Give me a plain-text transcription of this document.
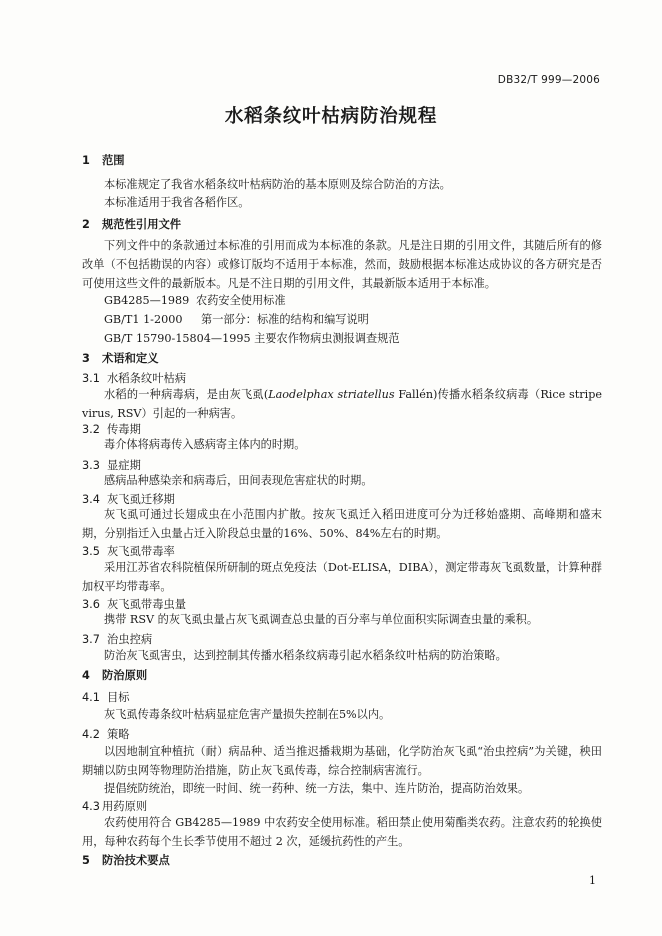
DB32/T 999—2006
水稻条纹叶枯病防治规程
1 范围

本标准规定了我省水稻条纹叶枯病防治的基本原则及综合防治的方法。

本标准适用于我省各稻作区。

2 规范性引用文件

下列文件中的条款通过本标准的引用而成为本标准的条款。凡是注日期的引用文件，其随后所有的修改单（不包括勘误的内容）或修订版均不适用于本标准，然而，鼓励根据本标准达成协议的各方研究是否可使用这些文件的最新版本。凡是不注日期的引用文件，其最新版本适用于本标准。

GB4285—1989 农药安全使用标准
GB/T1 1-2000 第一部分：标准的结构和编写说明
GB/T 15790-15804—1995 主要农作物病虫测报调查规范
3 术语和定义
3.1 水稻条纹叶枯病

水稻的一种病毒病，是由灰飞虱(Laodelphax striatellus Fallén)传播水稻条纹病毒（Rice stripe virus, RSV）引起的一种病害。

3.2 传毒期

毒介体将病毒传入感病寄主体内的时期。

3.3 显症期

感病品种感染亲和病毒后，田间表现危害症状的时期。

3.4 灰飞虱迁移期

灰飞虱可通过长翅成虫在小范围内扩散。按灰飞虱迁入稻田进度可分为迁移始盛期、高峰期和盛末期，分别指迁入虫量占迁入阶段总虫量的16%、50%、84%左右的时期。

3.5 灰飞虱带毒率

采用江苏省农科院植保所研制的斑点免疫法（Dot-ELISA，DIBA），测定带毒灰飞虱数量，计算种群加权平均带毒率。

3.6 灰飞虱带毒虫量

携带 RSV 的灰飞虱虫量占灰飞虱调查总虫量的百分率与单位面积实际调查虫量的乘积。

3.7 治虫控病

防治灰飞虱害虫，达到控制其传播水稻条纹病毒引起水稻条纹叶枯病的防治策略。

4 防治原则
4.1 目标

灰飞虱传毒条纹叶枯病显症危害产量损失控制在5%以内。

4.2 策略

以因地制宜种植抗（耐）病品种、适当推迟播栽期为基础，化学防治灰飞虱“治虫控病”为关键，秧田期辅以防虫网等物理防治措施，防止灰飞虱传毒，综合控制病害流行。

提倡统防统治，即统一时间、统一药种、统一方法，集中、连片防治，提高防治效果。

4.3 用药原则

农药使用符合 GB4285—1989 中农药安全使用标准。稻田禁止使用菊酯类农药。注意农药的轮换使用，每种农药每个生长季节使用不超过 2 次，延缓抗药性的产生。

5 防治技术要点
1
